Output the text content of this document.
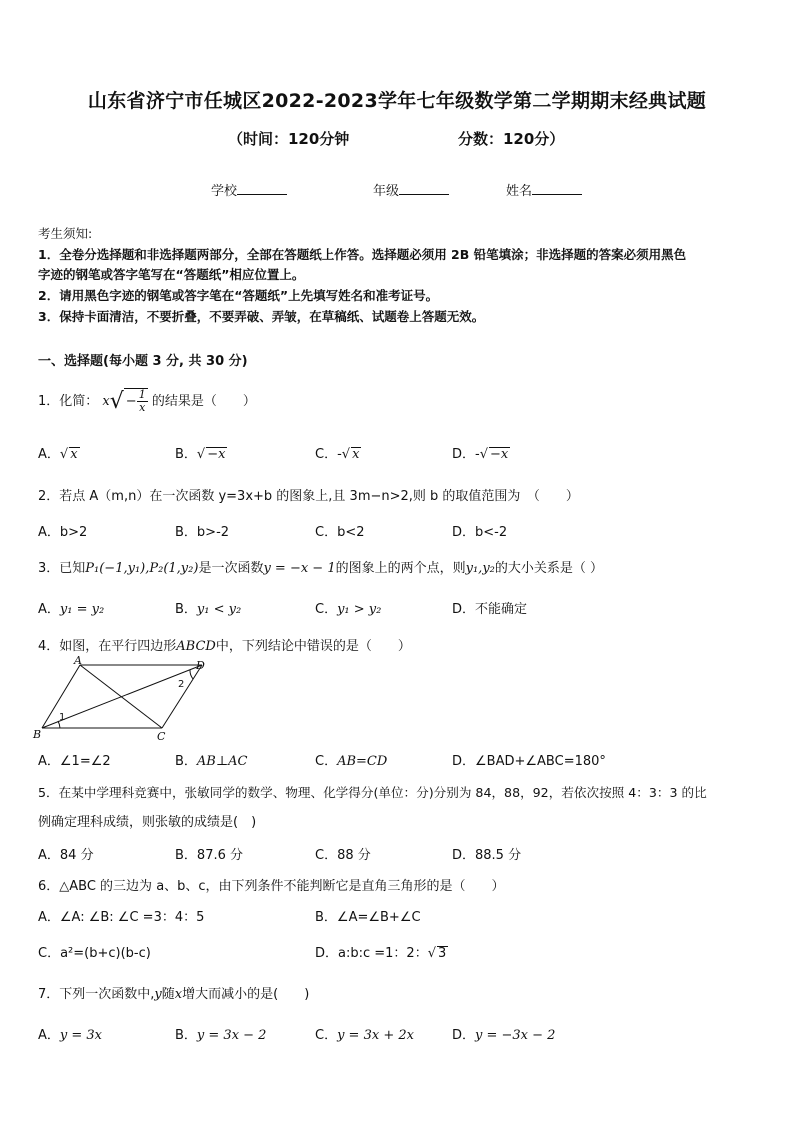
山东省济宁市任城区2022-2023学年七年级数学第二学期期末经典试题
（时间：120分钟	分数：120分）
学校	年级	姓名
考生须知:
1．全卷分选择题和非选择题两部分，全部在答题纸上作答。选择题必须用 2B 铅笔填涂；非选择题的答案必须用黑色
字迹的钢笔或答字笔写在“答题纸”相应位置上。
2．请用黑色字迹的钢笔或答字笔在“答题纸”上先填写姓名和准考证号。
3．保持卡面清洁，不要折叠，不要弄破、弄皱，在草稿纸、试题卷上答题无效。
一、选择题(每小题 3 分, 共 30 分)
1．化简： $x√ - \frac{1}{x}$ 的结果是（　　）
A．√ x	B．√ −x	C．-√ x	D．-√ −x
2．若点 A（m,n）在一次函数 y=3x+b 的图象上,且 3m−n>2,则 b 的取值范围为　（　　）
A．b>2	B．b>-2	C．b<2	D．b<-2
3．已知P₁(−1,y₁),P₂(1,y₂)是一次函数y = −x − 1的图象上的两个点，则y₁,y₂的大小关系是（ ）
A．y₁ = y₂	B．y₁ < y₂	C．y₁ > y₂	D．不能确定
4．如图，在平行四边形ABCD中，下列结论中错误的是（　　）
A	D
B	C
1
2
A．∠1=∠2	B．AB⊥AC	C．AB=CD	D．∠BAD+∠ABC=180°
5．在某中学理科竞赛中，张敏同学的数学、物理、化学得分(单位：分)分别为 84，88，92，若依次按照 4：3：3 的比
例确定理科成绩，则张敏的成绩是(　)
A．84 分	B．87.6 分	C．88 分	D．88.5 分
6．△ABC 的三边为 a、b、c，由下列条件不能判断它是直角三角形的是（　　）
A．∠A: ∠B: ∠C =3：4：5	B．∠A=∠B+∠C
C．a²=(b+c)(b-c)	D．a:b:c =1：2：√ 3
7．下列一次函数中,y随x增大而减小的是(　　)
A．y = 3x	B．y = 3x − 2	C．y = 3x + 2x	D．y = −3x − 2
